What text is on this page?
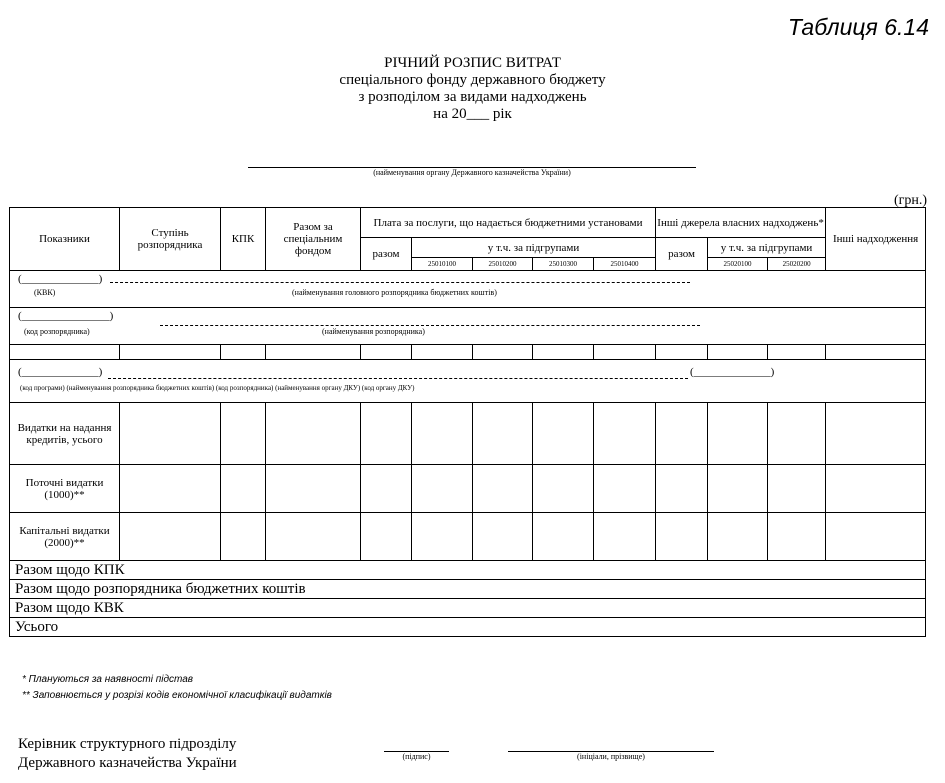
Таблиця 6.14
РІЧНИЙ РОЗПИС ВИТРАТ
спеціального фонду державного бюджету
з розподілом за видами надходжень
на 20___ рік
(найменування органу Державного казначейства України)
(грн.)
Показники	Ступінь розпорядника	КПК	Разом за спеціальним фондом	Плата за послуги, що надається бюджетними установами					Інші джерела власних надходжень*			Інші надходження
				разом	у т.ч. за підгрупами				разом	у т.ч. за підгрупами		
					25010100	25010200	25010300	25010400		25020100	25020200	

(______________)
(КВК) (найменування головного розпорядника бюджетних коштів)												

(________________)
(код розпорядника) (найменування розпорядника)												

(______________) (______________)
(код програми) (найменування розпорядника бюджетних коштів) (код розпорядника) (найменування органу ДКУ) (код органу ДКУ)												

Видатки на надання кредитів, усього												
Поточні видатки (1000)**												
Капітальні видатки (2000)**												
Разом щодо КПК												
Разом щодо розпорядника бюджетних коштів												
Разом щодо КВК												
Усього												
* Плануються за наявності підстав
** Заповнюється у розрізі кодів економічної класифікації видатків
Керівник структурного підрозділу
Державного казначейства України	(підпис)	(ініціали, прізвище)
